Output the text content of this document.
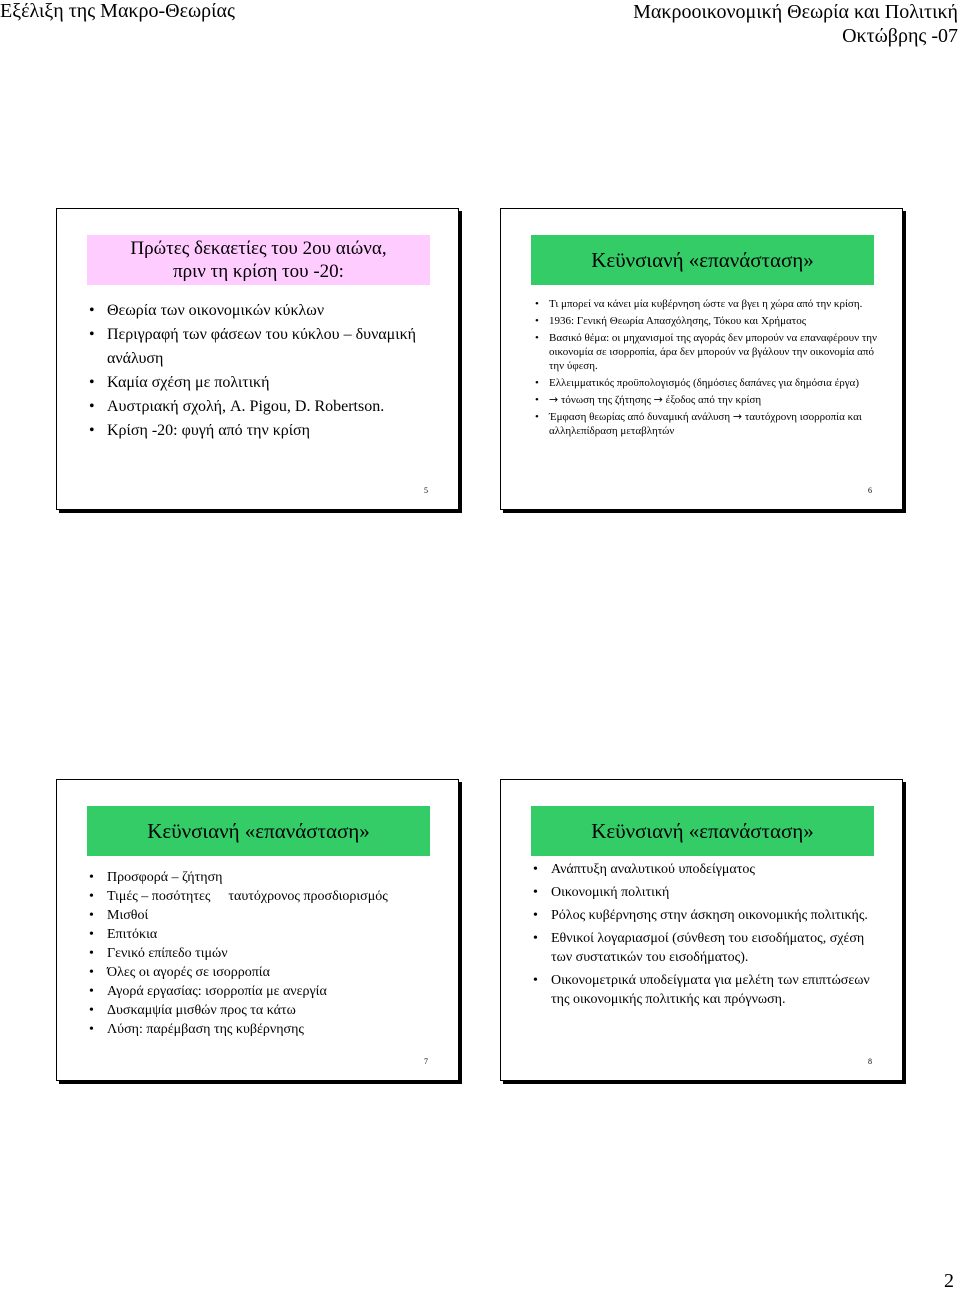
Εξέλιξη της Μακρο-Θεωρίας	Μακροοικονομική Θεωρία και Πολιτική
Οκτώβρης -07
Πρώτες δεκαετίες του 2ου αιώνα,
πριν τη κρίση του -20:
• Θεωρία των οικονομικών κύκλων
• Περιγραφή των φάσεων του κύκλου – δυναμική ανάλυση
• Καμία σχέση με πολιτική
• Αυστριακή σχολή, A. Pigou, D. Robertson.
• Κρίση -20: φυγή από την κρίση
5
Κεϋνσιανή «επανάσταση»
• Τι μπορεί να κάνει μία κυβέρνηση ώστε να βγει η χώρα από την κρίση.
• 1936: Γενική Θεωρία Απασχόλησης, Τόκου και Χρήματος
• Βασικό θέμα: οι μηχανισμοί της αγοράς δεν μπορούν να επαναφέρουν την οικονομία σε ισορροπία, άρα δεν μπορούν να βγάλουν την οικονομία από την ύφεση.
• Ελλειμματικός προϋπολογισμός (δημόσιες δαπάνες για δημόσια έργα)
• → τόνωση της ζήτησης → έξοδος από την κρίση
• Έμφαση θεωρίας από δυναμική ανάλυση → ταυτόχρονη ισορροπία και αλληλεπίδραση μεταβλητών
6
Κεϋνσιανή «επανάσταση»
• Προσφορά – ζήτηση
• Τιμές – ποσότητες ταυτόχρονος προσδιορισμός
• Μισθοί
• Επιτόκια
• Γενικό επίπεδο τιμών
• Όλες οι αγορές σε ισορροπία
• Αγορά εργασίας: ισορροπία με ανεργία
• Δυσκαμψία μισθών προς τα κάτω
• Λύση: παρέμβαση της κυβέρνησης
7
Κεϋνσιανή «επανάσταση»
• Ανάπτυξη αναλυτικού υποδείγματος
• Οικονομική πολιτική
• Ρόλος κυβέρνησης στην άσκηση οικονομικής πολιτικής.
• Εθνικοί λογαριασμοί (σύνθεση του εισοδήματος, σχέση των συστατικών του εισοδήματος).
• Οικονομετρικά υποδείγματα για μελέτη των επιπτώσεων της οικονομικής πολιτικής και πρόγνωση.
8
2
